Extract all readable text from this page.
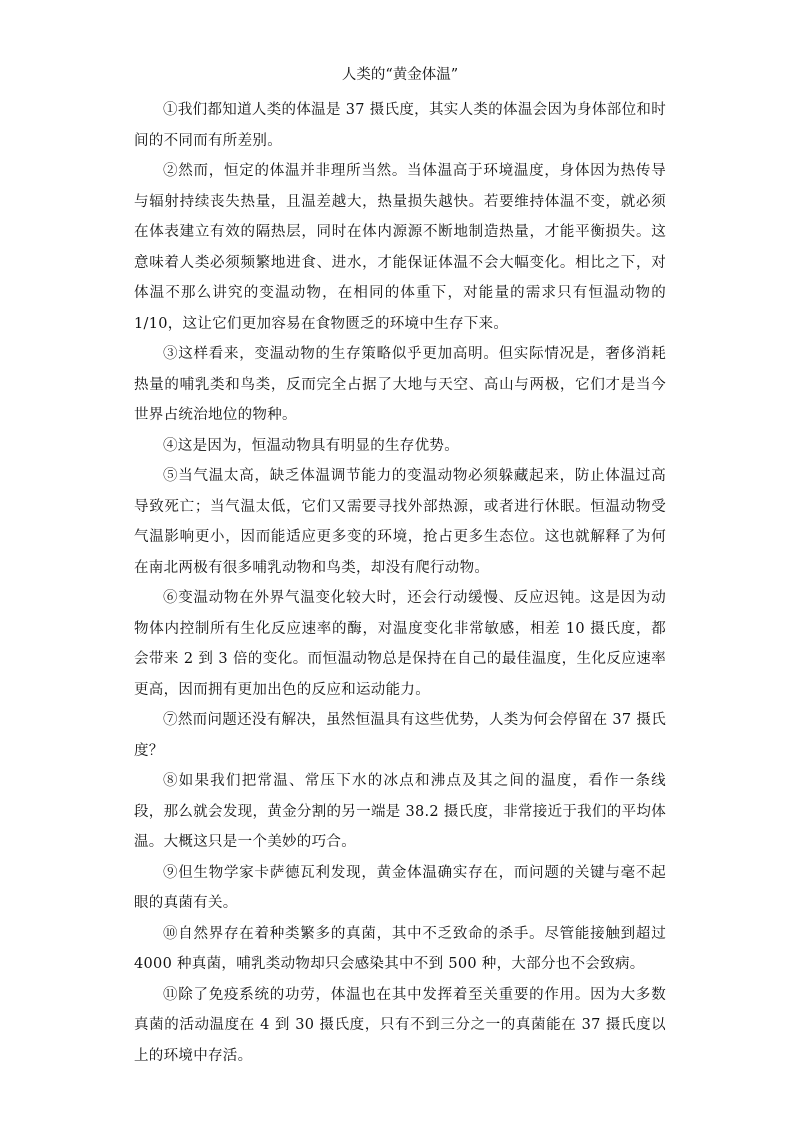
人类的“黄金体温”

①我们都知道人类的体温是 37 摄氏度，其实人类的体温会因为身体部位和时间的不同而有所差别。

②然而，恒定的体温并非理所当然。当体温高于环境温度，身体因为热传导与辐射持续丧失热量，且温差越大，热量损失越快。若要维持体温不变，就必须在体表建立有效的隔热层，同时在体内源源不断地制造热量，才能平衡损失。这意味着人类必须频繁地进食、进水，才能保证体温不会大幅变化。相比之下，对体温不那么讲究的变温动物，在相同的体重下，对能量的需求只有恒温动物的 1/10，这让它们更加容易在食物匮乏的环境中生存下来。

③这样看来，变温动物的生存策略似乎更加高明。但实际情况是，奢侈消耗热量的哺乳类和鸟类，反而完全占据了大地与天空、高山与两极，它们才是当今世界占统治地位的物种。

④这是因为，恒温动物具有明显的生存优势。

⑤当气温太高，缺乏体温调节能力的变温动物必须躲藏起来，防止体温过高导致死亡；当气温太低，它们又需要寻找外部热源，或者进行休眠。恒温动物受气温影响更小，因而能适应更多变的环境，抢占更多生态位。这也就解释了为何在南北两极有很多哺乳动物和鸟类，却没有爬行动物。

⑥变温动物在外界气温变化较大时，还会行动缓慢、反应迟钝。这是因为动物体内控制所有生化反应速率的酶，对温度变化非常敏感，相差 10 摄氏度，都会带来 2 到 3 倍的变化。而恒温动物总是保持在自己的最佳温度，生化反应速率更高，因而拥有更加出色的反应和运动能力。

⑦然而问题还没有解决，虽然恒温具有这些优势，人类为何会停留在 37 摄氏度？

⑧如果我们把常温、常压下水的冰点和沸点及其之间的温度，看作一条线段，那么就会发现，黄金分割的另一端是 38.2 摄氏度，非常接近于我们的平均体温。大概这只是一个美妙的巧合。

⑨但生物学家卡萨德瓦利发现，黄金体温确实存在，而问题的关键与毫不起眼的真菌有关。

⑩自然界存在着种类繁多的真菌，其中不乏致命的杀手。尽管能接触到超过 4000 种真菌，哺乳类动物却只会感染其中不到 500 种，大部分也不会致病。

⑪除了免疫系统的功劳，体温也在其中发挥着至关重要的作用。因为大多数真菌的活动温度在 4 到 30 摄氏度，只有不到三分之一的真菌能在 37 摄氏度以上的环境中存活。
